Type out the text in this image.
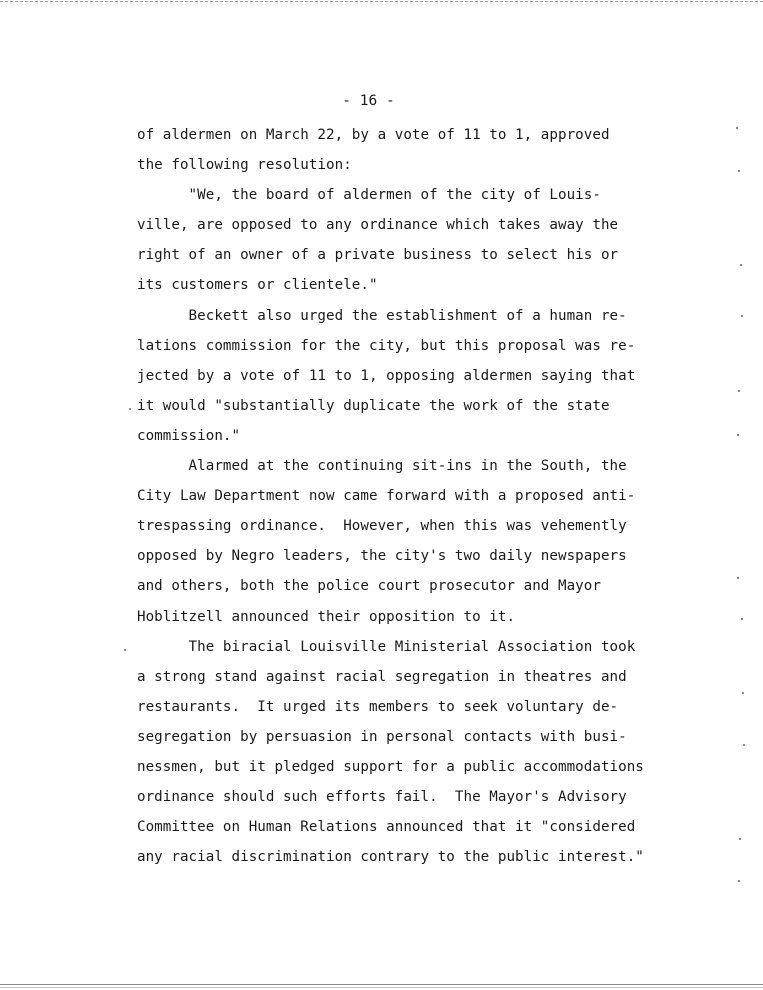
- 16 -
of aldermen on March 22, by a vote of 11 to 1, approved
the following resolution:
"We, the board of aldermen of the city of Louis-
ville, are opposed to any ordinance which takes away the
right of an owner of a private business to select his or
its customers or clientele."
Beckett also urged the establishment of a human re-
lations commission for the city, but this proposal was re-
jected by a vote of 11 to 1, opposing aldermen saying that
it would "substantially duplicate the work of the state
commission."
Alarmed at the continuing sit-ins in the South, the
City Law Department now came forward with a proposed anti-
trespassing ordinance.  However, when this was vehemently
opposed by Negro leaders, the city's two daily newspapers
and others, both the police court prosecutor and Mayor
Hoblitzell announced their opposition to it.
The biracial Louisville Ministerial Association took
a strong stand against racial segregation in theatres and
restaurants.  It urged its members to seek voluntary de-
segregation by persuasion in personal contacts with busi-
nessmen, but it pledged support for a public accommodations
ordinance should such efforts fail.  The Mayor's Advisory
Committee on Human Relations announced that it "considered
any racial discrimination contrary to the public interest."
